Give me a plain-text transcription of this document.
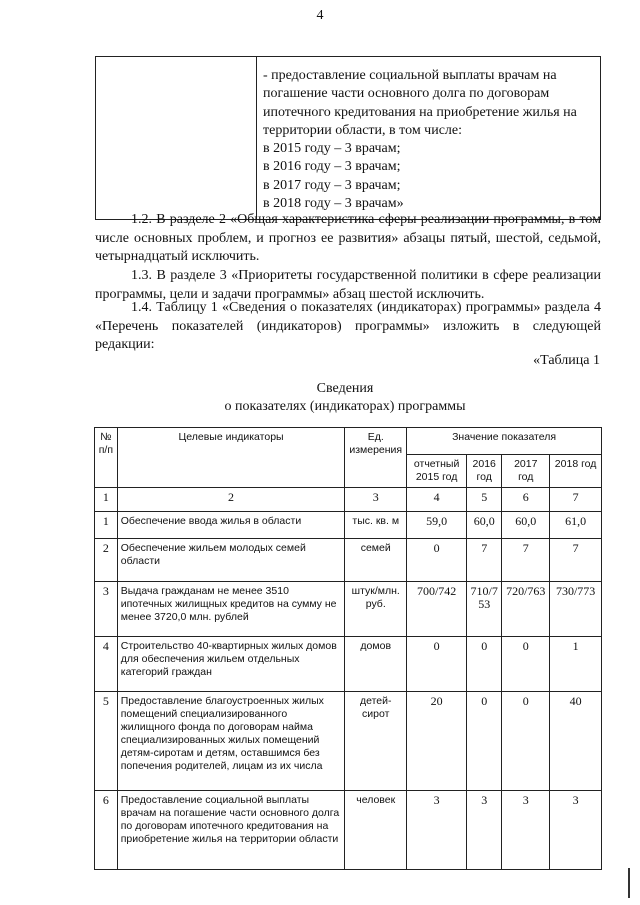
4

- предоставление социальной выплаты врачам на погашение части основного долга по договорам ипотечного кредитования на приобретение жилья на территории области, в том числе:
в 2015 году – 3 врачам;
в 2016 году – 3 врачам;
в 2017 году – 3 врачам;
в 2018 году – 3 врачам»

1.2. В разделе 2 «Общая характеристика сферы реализации программы, в том числе основных проблем, и прогноз ее развития» абзацы пятый, шестой, седьмой, четырнадцатый исключить.

1.3. В разделе 3 «Приоритеты государственной политики в сфере реализации программы, цели и задачи программы» абзац шестой исключить.

1.4. Таблицу 1 «Сведения о показателях (индикаторах) программы» раздела 4 «Перечень показателей (индикаторов) программы» изложить в следующей редакции:

«Таблица 1
Сведения
о показателях (индикаторах) программы
№ п/п	Целевые индикаторы	Ед. измерения	Значение показателя			
			отчетный 2015 год	2016 год	2017 год	2018 год
1	2	3	4	5	6	7
1	Обеспечение ввода жилья в области	тыс. кв. м	59,0	60,0	60,0	61,0
2	Обеспечение жильем молодых семей области	семей	0	7	7	7
3	Выдача гражданам не менее 3510 ипотечных жилищных кредитов на сумму не менее 3720,0 млн. рублей	штук/млн. руб.	700/742	710/753	720/763	730/773
4	Строительство 40-квартирных жилых домов для обеспечения жильем отдельных категорий граждан	домов	0	0	0	1
5	Предоставление благоустроенных жилых помещений специализированного жилищного фонда по договорам найма специализированных жилых помещений детям-сиротам и детям, оставшимся без попечения родителей, лицам из их числа	детей-сирот	20	0	0	40
6	Предоставление социальной выплаты врачам на погашение части основного долга по договорам ипотечного кредитования на приобретение жилья на территории области	человек	3	3	3	3
